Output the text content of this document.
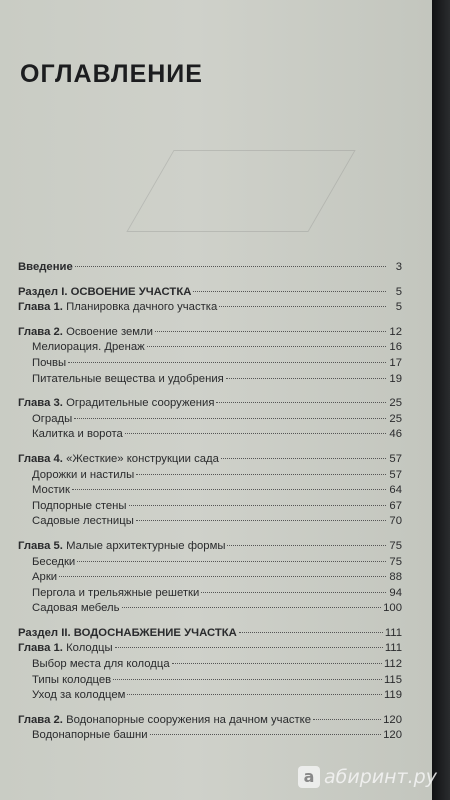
ОГЛАВЛЕНИЕ
Введение	3
Раздел I. ОСВОЕНИЕ УЧАСТКА	5
Глава 1. Планировка дачного участка	5
Глава 2. Освоение земли	12
Мелиорация. Дренаж	16
Почвы	17
Питательные вещества и удобрения	19
Глава 3. Оградительные сооружения	25
Ограды	25
Калитка и ворота	46
Глава 4. «Жесткие» конструкции сада	57
Дорожки и настилы	57
Мостик	64
Подпорные стены	67
Садовые лестницы	70
Глава 5. Малые архитектурные формы	75
Беседки	75
Арки	88
Пергола и трельяжные решетки	94
Садовая мебель	100
Раздел II. ВОДОСНАБЖЕНИЕ УЧАСТКА	111
Глава 1. Колодцы	111
Выбор места для колодца	112
Типы колодцев	115
Уход за колодцем	119
Глава 2. Водонапорные сооружения на дачном участке	120
Водонапорные башни	120
а абиринт.ру
